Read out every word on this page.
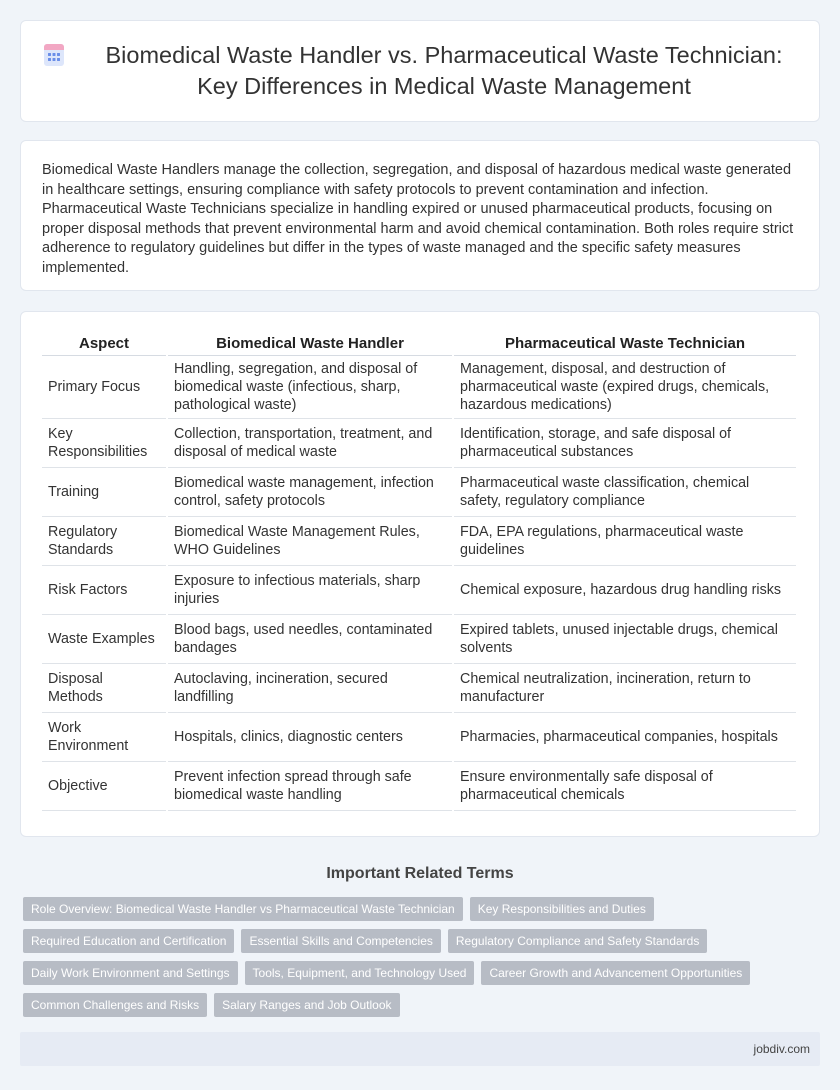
Biomedical Waste Handler vs. Pharmaceutical Waste Technician: Key Differences in Medical Waste Management

Biomedical Waste Handlers manage the collection, segregation, and disposal of hazardous medical waste generated in healthcare settings, ensuring compliance with safety protocols to prevent contamination and infection. Pharmaceutical Waste Technicians specialize in handling expired or unused pharmaceutical products, focusing on proper disposal methods that prevent environmental harm and avoid chemical contamination. Both roles require strict adherence to regulatory guidelines but differ in the types of waste managed and the specific safety measures implemented.

Aspect	Biomedical Waste Handler	Pharmaceutical Waste Technician
Primary Focus	Handling, segregation, and disposal of biomedical waste (infectious, sharp, pathological waste)	Management, disposal, and destruction of pharmaceutical waste (expired drugs, chemicals, hazardous medications)
Key Responsibilities	Collection, transportation, treatment, and disposal of medical waste	Identification, storage, and safe disposal of pharmaceutical substances
Training	Biomedical waste management, infection control, safety protocols	Pharmaceutical waste classification, chemical safety, regulatory compliance
Regulatory Standards	Biomedical Waste Management Rules, WHO Guidelines	FDA, EPA regulations, pharmaceutical waste guidelines
Risk Factors	Exposure to infectious materials, sharp injuries	Chemical exposure, hazardous drug handling risks
Waste Examples	Blood bags, used needles, contaminated bandages	Expired tablets, unused injectable drugs, chemical solvents
Disposal Methods	Autoclaving, incineration, secured landfilling	Chemical neutralization, incineration, return to manufacturer
Work Environment	Hospitals, clinics, diagnostic centers	Pharmacies, pharmaceutical companies, hospitals
Objective	Prevent infection spread through safe biomedical waste handling	Ensure environmentally safe disposal of pharmaceutical chemicals
Important Related Terms
Role Overview: Biomedical Waste Handler vs Pharmaceutical Waste Technician	Key Responsibilities and Duties
Required Education and Certification	Essential Skills and Competencies	Regulatory Compliance and Safety Standards
Daily Work Environment and Settings	Tools, Equipment, and Technology Used	Career Growth and Advancement Opportunities
Common Challenges and Risks	Salary Ranges and Job Outlook
jobdiv.com
